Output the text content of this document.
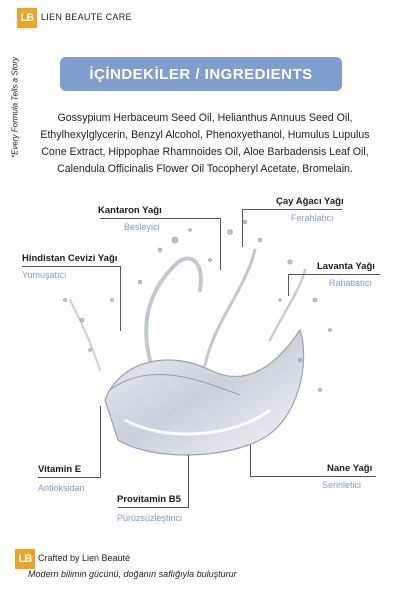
LB LIEN BEAUTE CARE
*Every Formula Tells a Story	İÇİNDEKİLER / INGREDIENTS
Gossypium Herbaceum Seed Oil, Helianthus Annuus Seed Oil, Ethylhexylglycerin, Benzyl Alcohol, Phenoxyethanol, Humulus Lupulus Cone Extract, Hippophae Rhamnoides Oil, Aloe Barbadensis Leaf Oil, Calendula Officinalis Flower Oil Tocopheryl Acetate, Bromelain.
Kantaron Yağı
Besleyici
Çay Ağacı Yağı
Ferahlatıcı
Hindistan Cevizi Yağı
Yumuşatıcı
Lavanta Yağı
Rahatlatıcı
Vitamin E
Antioksidan
Nane Yağı
Serinletici
Provitamin B5
Pürüzsüzleştirici
LB Crafted by Lien Beauté
Modern bilimin gücünü, doğanın saflığıyla buluşturur
